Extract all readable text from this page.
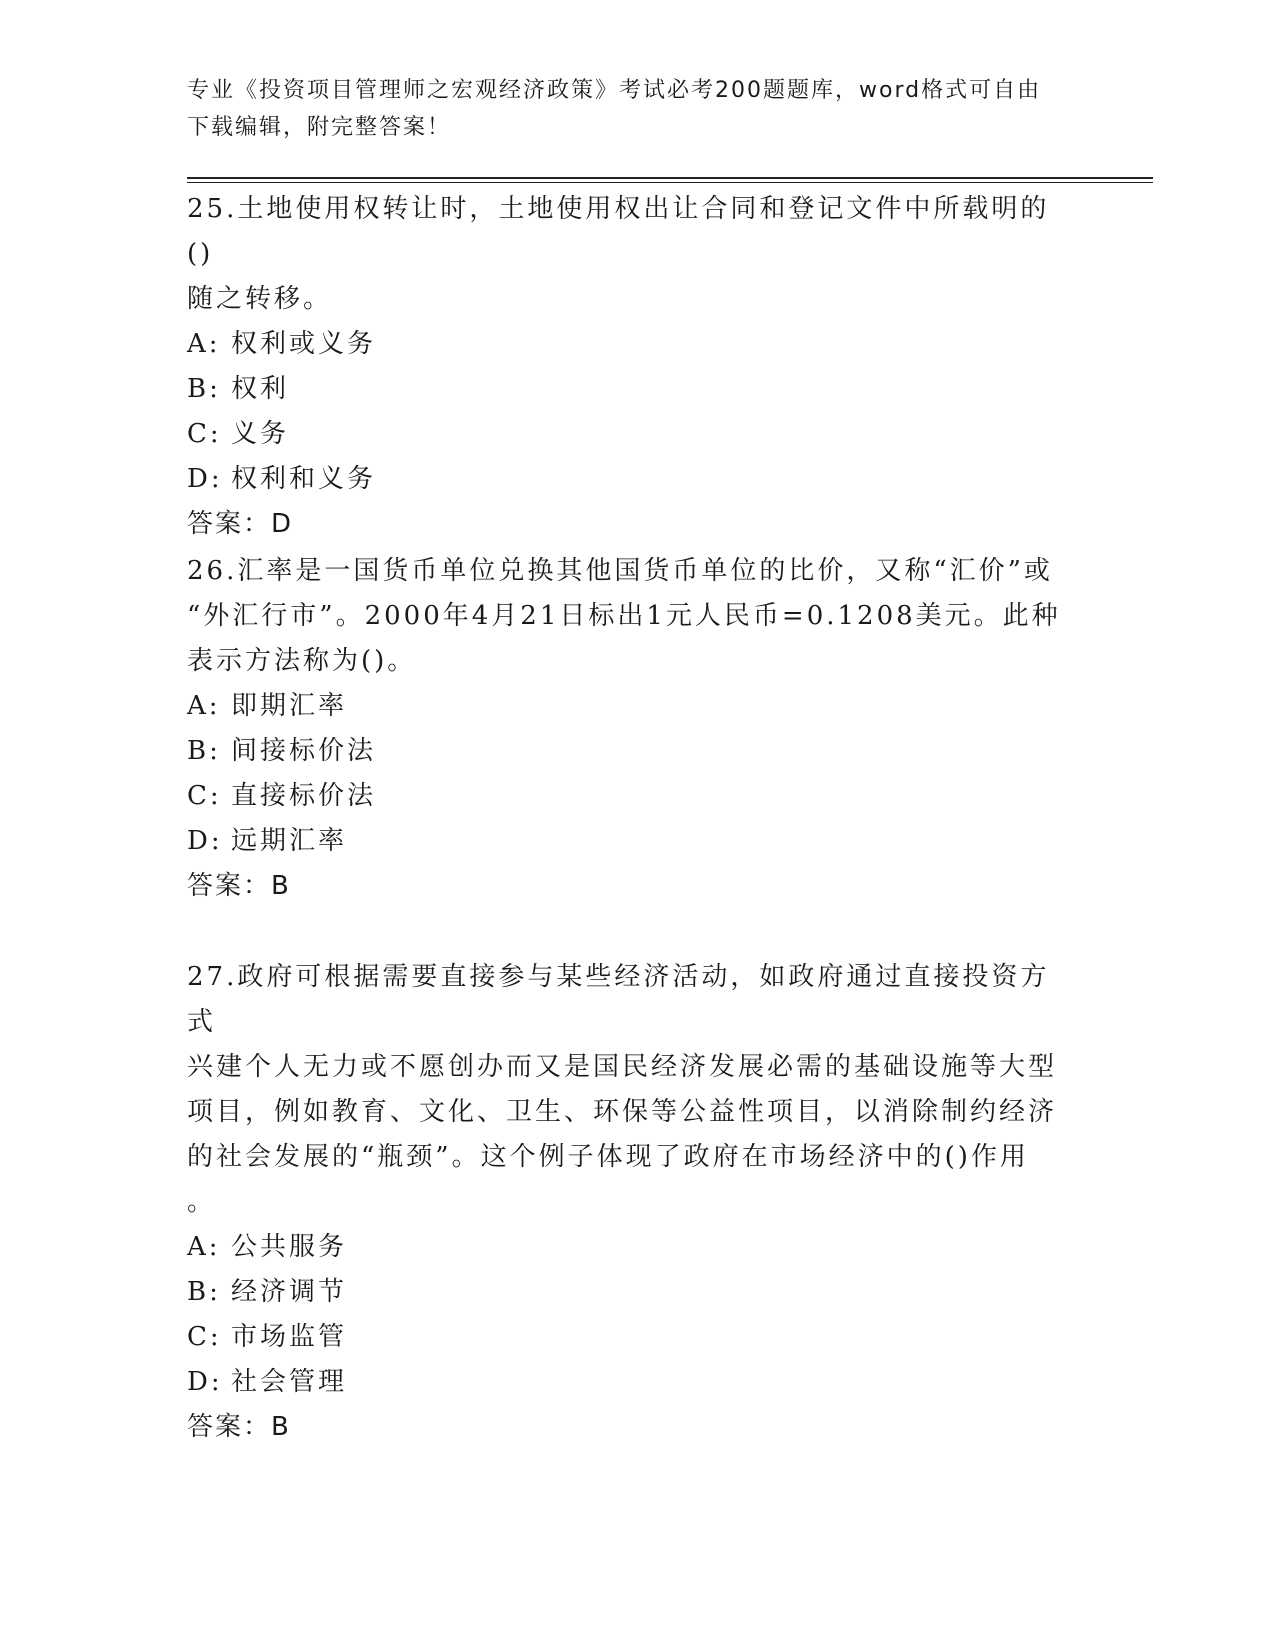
专业《投资项目管理师之宏观经济政策》考试必考200题题库，word格式可自由
下载编辑，附完整答案！

25.土地使用权转让时，土地使用权出让合同和登记文件中所载明的()

随之转移。

A: 权利或义务

B: 权利

C: 义务

D: 权利和义务

答案：D

26.汇率是一国货币单位兑换其他国货币单位的比价，又称“汇价”或

“外汇行市”。2000年4月21日标出1元人民币=0.1208美元。此种

表示方法称为()。

A: 即期汇率

B: 间接标价法

C: 直接标价法

D: 远期汇率

答案：B

27.政府可根据需要直接参与某些经济活动，如政府通过直接投资方式

兴建个人无力或不愿创办而又是国民经济发展必需的基础设施等大型

项目，例如教育、文化、卫生、环保等公益性项目，以消除制约经济

的社会发展的“瓶颈”。这个例子体现了政府在市场经济中的()作用

。

A: 公共服务

B: 经济调节

C: 市场监管

D: 社会管理

答案：B
